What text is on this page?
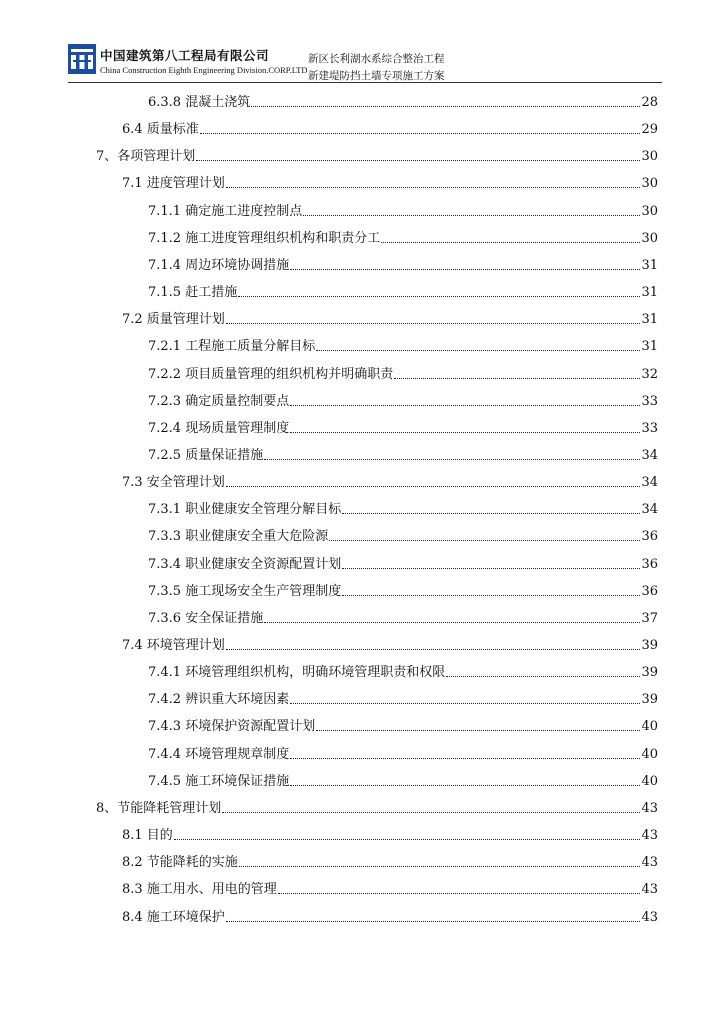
中国建筑第八工程局有限公司
China Construction Eighth Engineering Division.CORP.LTD
新区长利湖水系综合整治工程
新建堤防挡土墙专项施工方案
6.3.8 混凝土浇筑	28
6.4 质量标准	29
7、各项管理计划	30
7.1 进度管理计划	30
7.1.1 确定施工进度控制点	30
7.1.2 施工进度管理组织机构和职责分工	30
7.1.4 周边环境协调措施	31
7.1.5 赶工措施	31
7.2 质量管理计划	31
7.2.1 工程施工质量分解目标	31
7.2.2 项目质量管理的组织机构并明确职责	32
7.2.3 确定质量控制要点	33
7.2.4 现场质量管理制度	33
7.2.5 质量保证措施	34
7.3 安全管理计划	34
7.3.1 职业健康安全管理分解目标	34
7.3.3 职业健康安全重大危险源	36
7.3.4 职业健康安全资源配置计划	36
7.3.5 施工现场安全生产管理制度	36
7.3.6 安全保证措施	37
7.4 环境管理计划	39
7.4.1 环境管理组织机构，明确环境管理职责和权限	39
7.4.2 辨识重大环境因素	39
7.4.3 环境保护资源配置计划	40
7.4.4 环境管理规章制度	40
7.4.5 施工环境保证措施	40
8、节能降耗管理计划	43
8.1 目的	43
8.2 节能降耗的实施	43
8.3 施工用水、用电的管理	43
8.4 施工环境保护	43
